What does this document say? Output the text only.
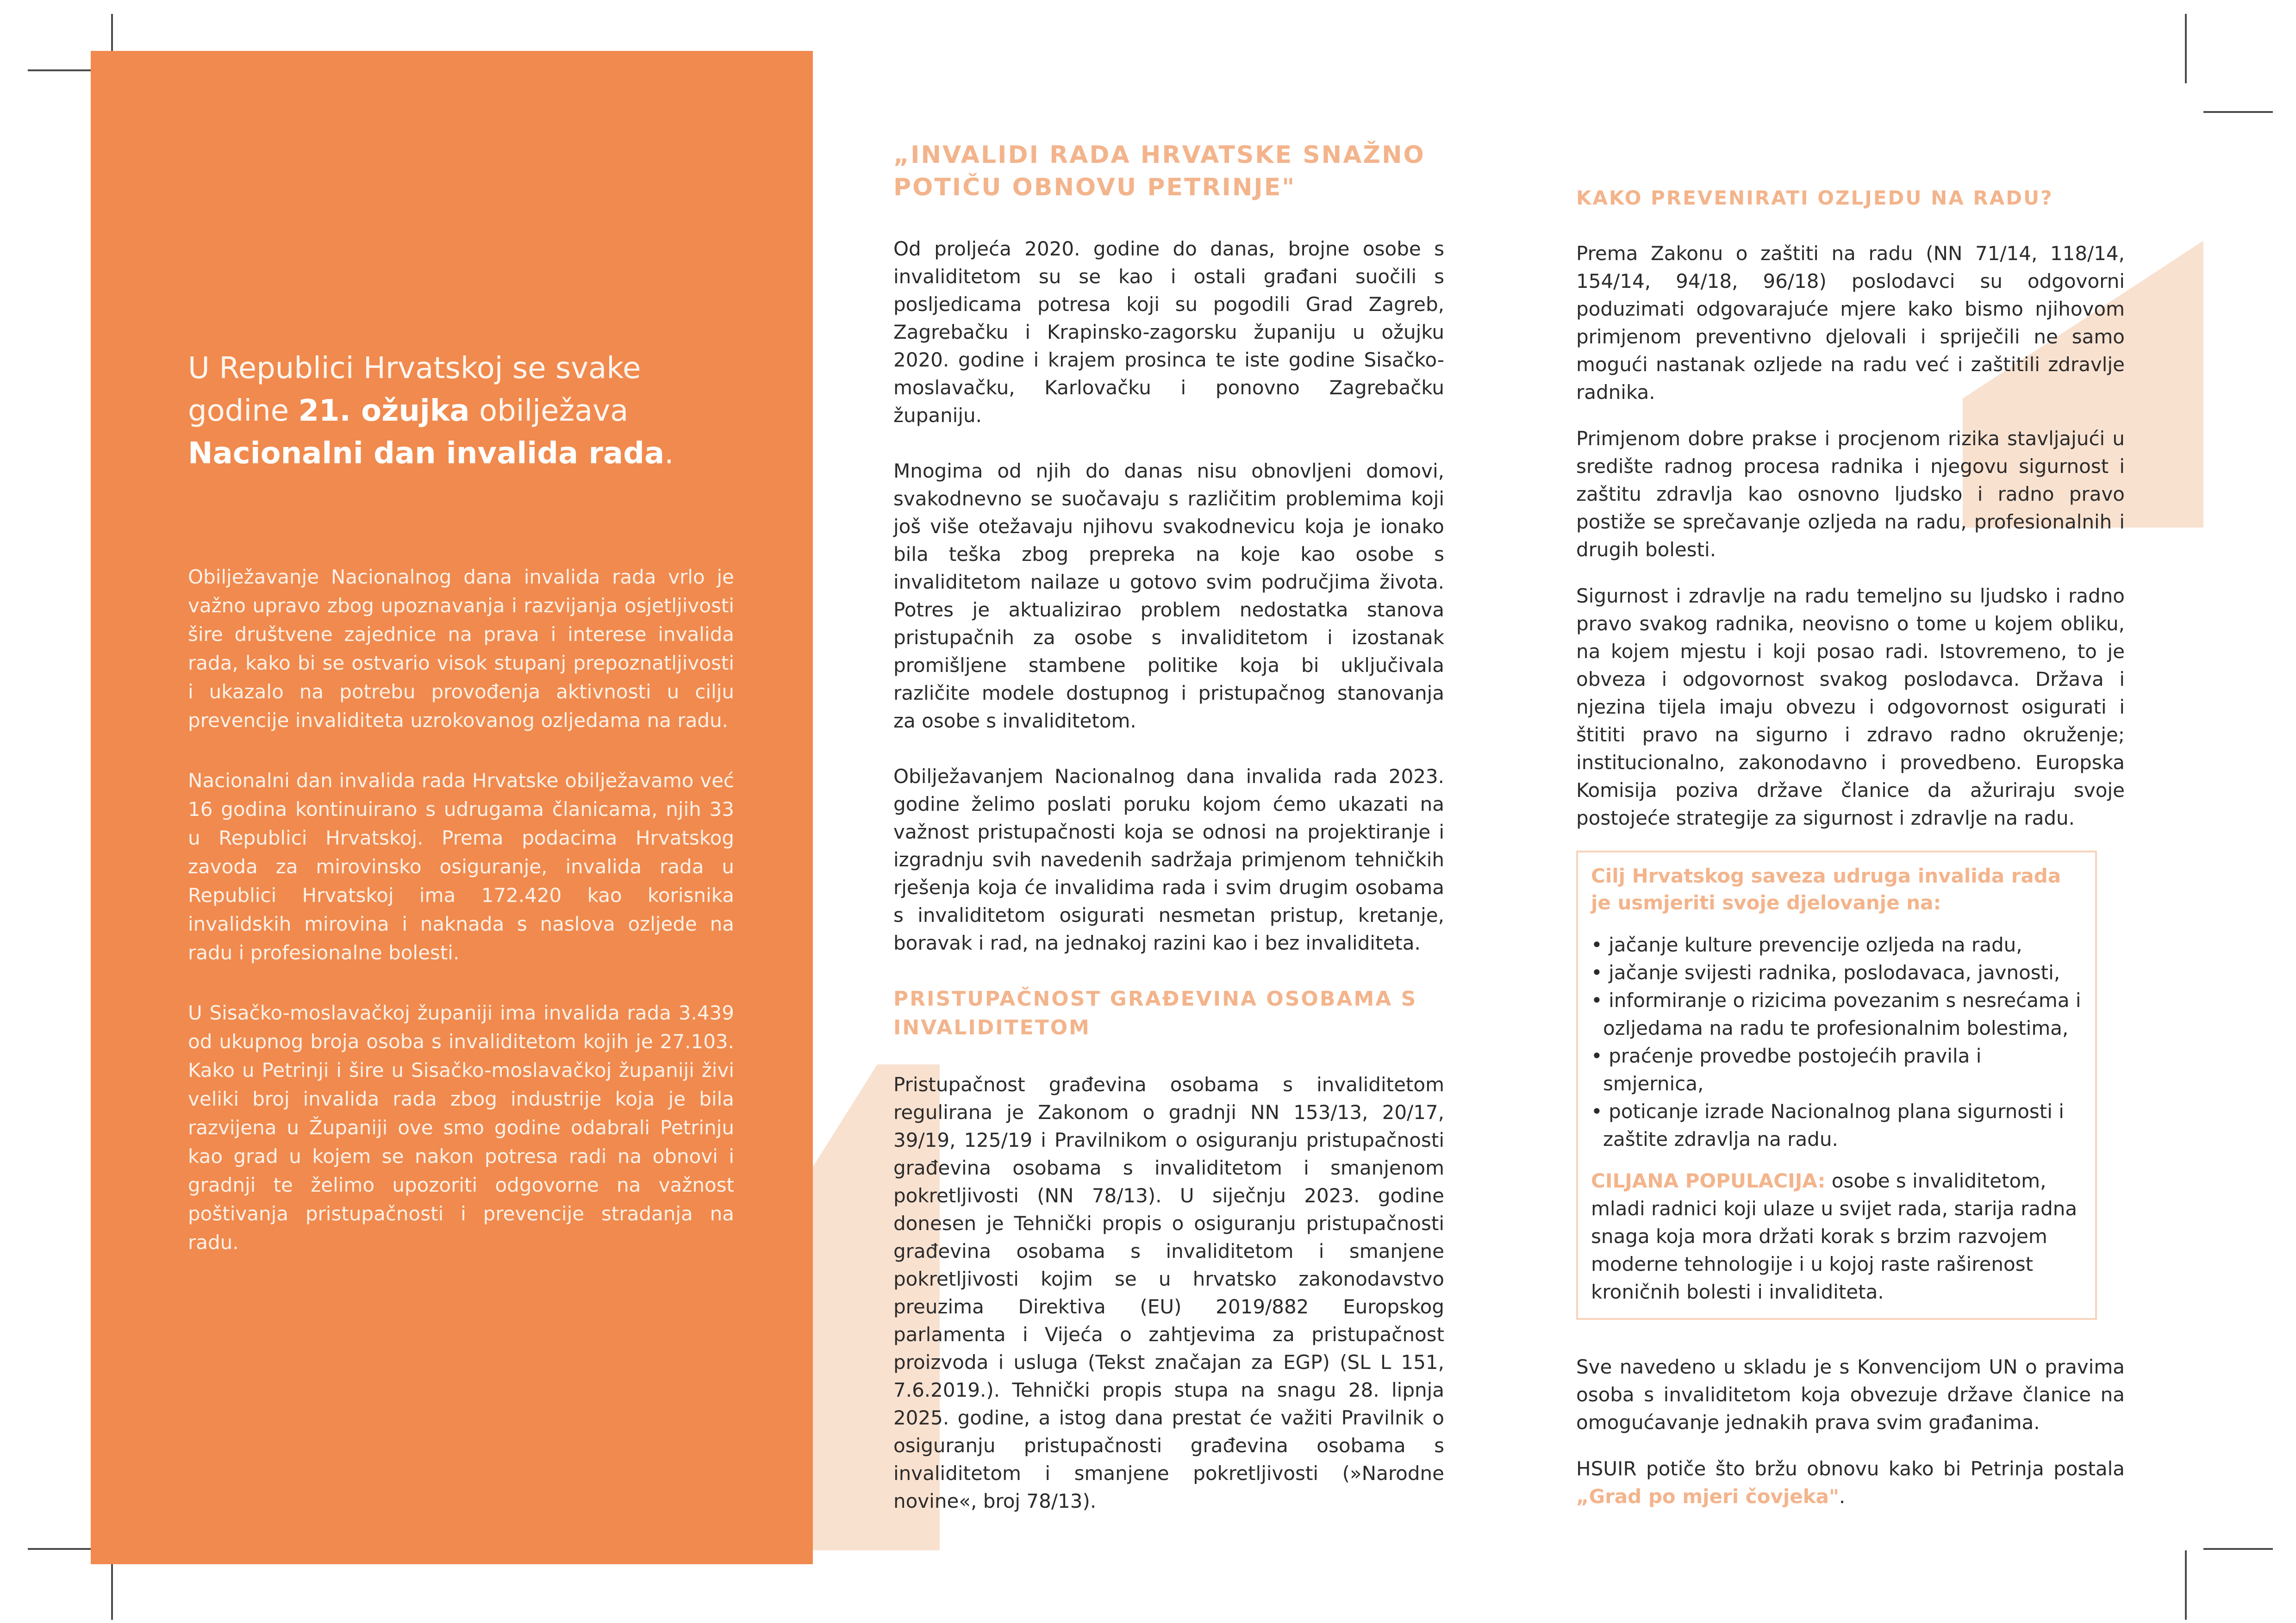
U Republici Hrvatskoj se svake godine 21. ožujka obilježava Nacionalni dan invalida rada.

Obilježavanje Nacionalnog dana invalida rada vrlo je važno upravo zbog upoznavanja i razvijanja osjetljivosti šire društvene zajednice na prava i interese invalida rada, kako bi se ostvario visok stupanj prepoznatljivosti i ukazalo na potrebu provođenja aktivnosti u cilju prevencije invaliditeta uzrokovanog ozljedama na radu.

Nacionalni dan invalida rada Hrvatske obilježavamo već 16 godina kontinuirano s udrugama članicama, njih 33 u Republici Hrvatskoj. Prema podacima Hrvatskog zavoda za mirovinsko osiguranje, invalida rada u Republici Hrvatskoj ima 172.420 kao korisnika invalidskih mirovina i naknada s naslova ozljede na radu i profesionalne bolesti.

U Sisačko-moslavačkoj županiji ima invalida rada 3.439 od ukupnog broja osoba s invaliditetom kojih je 27.103. Kako u Petrinji i šire u Sisačko-moslavačkoj županiji živi veliki broj invalida rada zbog industrije koja je bila razvijena u Županiji ove smo godine odabrali Petrinju kao grad u kojem se nakon potresa radi na obnovi i gradnji te želimo upozoriti odgovorne na važnost poštivanja pristupačnosti i prevencije stradanja na radu.

„INVALIDI RADA HRVATSKE SNAŽNO POTIČU OBNOVU PETRINJE"

Od proljeća 2020. godine do danas, brojne osobe s invaliditetom su se kao i ostali građani suočili s posljedicama potresa koji su pogodili Grad Zagreb, Zagrebačku i Krapinsko-zagorsku županiju u ožujku 2020. godine i krajem prosinca te iste godine Sisačko-moslavačku, Karlovačku i ponovno Zagrebačku županiju.

Mnogima od njih do danas nisu obnovljeni domovi, svakodnevno se suočavaju s različitim problemima koji još više otežavaju njihovu svakodnevicu koja je ionako bila teška zbog prepreka na koje kao osobe s invaliditetom nailaze u gotovo svim područjima života. Potres je aktualizirao problem nedostatka stanova pristupačnih za osobe s invaliditetom i izostanak promišljene stambene politike koja bi uključivala različite modele dostupnog i pristupačnog stanovanja za osobe s invaliditetom.

Obilježavanjem Nacionalnog dana invalida rada 2023. godine želimo poslati poruku kojom ćemo ukazati na važnost pristupačnosti koja se odnosi na projektiranje i izgradnju svih navedenih sadržaja primjenom tehničkih rješenja koja će invalidima rada i svim drugim osobama s invaliditetom osigurati nesmetan pristup, kretanje, boravak i rad, na jednakoj razini kao i bez invaliditeta.

PRISTUPAČNOST GRAĐEVINA OSOBAMA S INVALIDITETOM

Pristupačnost građevina osobama s invaliditetom regulirana je Zakonom o gradnji NN 153/13, 20/17, 39/19, 125/19 i Pravilnikom o osiguranju pristupačnosti građevina osobama s invaliditetom i smanjenom pokretljivosti (NN 78/13). U siječnju 2023. godine donesen je Tehnički propis o osiguranju pristupačnosti građevina osobama s invaliditetom i smanjene pokretljivosti kojim se u hrvatsko zakonodavstvo preuzima Direktiva (EU) 2019/882 Europskog parlamenta i Vijeća o zahtjevima za pristupačnost proizvoda i usluga (Tekst značajan za EGP) (SL L 151, 7.6.2019.). Tehnički propis stupa na snagu 28. lipnja 2025. godine, a istog dana prestat će važiti Pravilnik o osiguranju pristupačnosti građevina osobama s invaliditetom i smanjene pokretljivosti (»Narodne novine«, broj 78/13).

KAKO PREVENIRATI OZLJEDU NA RADU?

Prema Zakonu o zaštiti na radu (NN 71/14, 118/14, 154/14, 94/18, 96/18) poslodavci su odgovorni poduzimati odgovarajuće mjere kako bismo njihovom primjenom preventivno djelovali i spriječili ne samo mogući nastanak ozljede na radu već i zaštitili zdravlje radnika.

Primjenom dobre prakse i procjenom rizika stavljajući u središte radnog procesa radnika i njegovu sigurnost i zaštitu zdravlja kao osnovno ljudsko i radno pravo postiže se sprečavanje ozljeda na radu, profesionalnih i drugih bolesti.

Sigurnost i zdravlje na radu temeljno su ljudsko i radno pravo svakog radnika, neovisno o tome u kojem obliku, na kojem mjestu i koji posao radi. Istovremeno, to je obveza i odgovornost svakog poslodavca. Država i njezina tijela imaju obvezu i odgovornost osigurati i štititi pravo na sigurno i zdravo radno okruženje; institucionalno, zakonodavno i provedbeno. Europska Komisija poziva države članice da ažuriraju svoje postojeće strategije za sigurnost i zdravlje na radu.

Cilj Hrvatskog saveza udruga invalida rada je usmjeriti svoje djelovanje na:

• jačanje kulture prevencije ozljeda na radu,
• jačanje svijesti radnika, poslodavaca, javnosti,
• informiranje o rizicima povezanim s nesrećama i ozljedama na radu te profesionalnim bolestima,
• praćenje provedbe postojećih pravila i smjernica,
• poticanje izrade Nacionalnog plana sigurnosti i zaštite zdravlja na radu.

CILJANA POPULACIJA: osobe s invaliditetom, mladi radnici koji ulaze u svijet rada, starija radna snaga koja mora držati korak s brzim razvojem moderne tehnologije i u kojoj raste raširenost kroničnih bolesti i invaliditeta.

Sve navedeno u skladu je s Konvencijom UN o pravima osoba s invaliditetom koja obvezuje države članice na omogućavanje jednakih prava svim građanima.

HSUIR potiče što bržu obnovu kako bi Petrinja postala „Grad po mjeri čovjeka".
